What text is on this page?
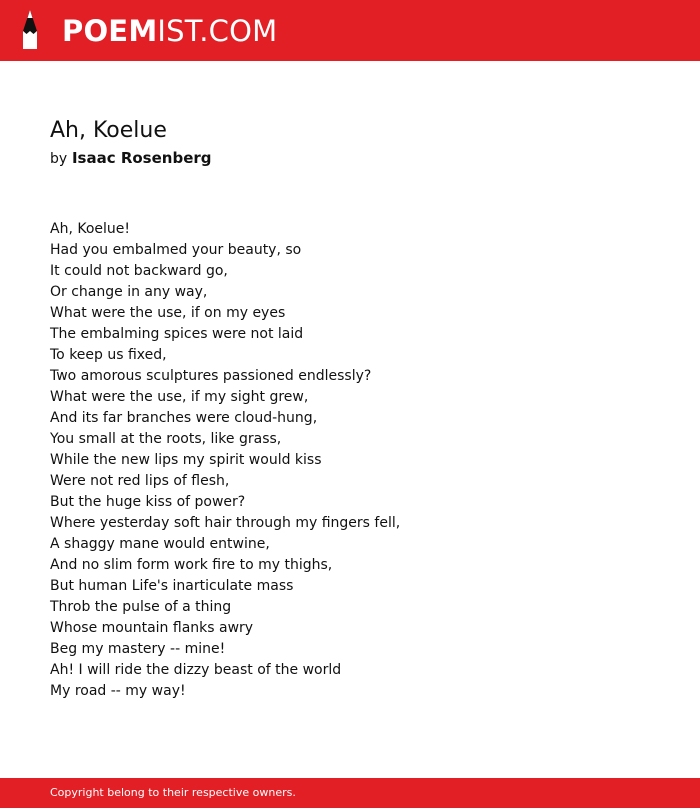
POEMIST.COM
Ah, Koelue
by Isaac Rosenberg
Ah, Koelue!
Had you embalmed your beauty, so
It could not backward go,
Or change in any way,
What were the use, if on my eyes
The embalming spices were not laid
To keep us fixed,
Two amorous sculptures passioned endlessly?
What were the use, if my sight grew,
And its far branches were cloud-hung,
You small at the roots, like grass,
While the new lips my spirit would kiss
Were not red lips of flesh,
But the huge kiss of power?
Where yesterday soft hair through my fingers fell,
A shaggy mane would entwine,
And no slim form work fire to my thighs,
But human Life's inarticulate mass
Throb the pulse of a thing
Whose mountain flanks awry
Beg my mastery -- mine!
Ah! I will ride the dizzy beast of the world
My road -- my way!
Copyright belong to their respective owners.
